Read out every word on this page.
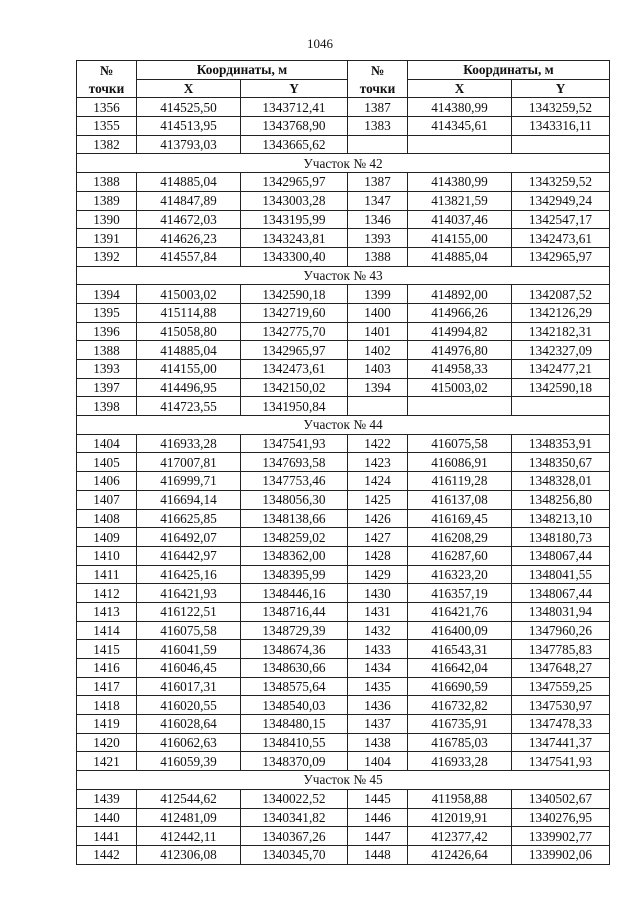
1046
№	Координаты, м		№	Координаты, м	
точки	X	Y	точки	X	Y
1356	414525,50	1343712,41	1387	414380,99	1343259,52
1355	414513,95	1343768,90	1383	414345,61	1343316,11
1382	413793,03	1343665,62			
Участок № 42					
1388	414885,04	1342965,97	1387	414380,99	1343259,52
1389	414847,89	1343003,28	1347	413821,59	1342949,24
1390	414672,03	1343195,99	1346	414037,46	1342547,17
1391	414626,23	1343243,81	1393	414155,00	1342473,61
1392	414557,84	1343300,40	1388	414885,04	1342965,97
Участок № 43					
1394	415003,02	1342590,18	1399	414892,00	1342087,52
1395	415114,88	1342719,60	1400	414966,26	1342126,29
1396	415058,80	1342775,70	1401	414994,82	1342182,31
1388	414885,04	1342965,97	1402	414976,80	1342327,09
1393	414155,00	1342473,61	1403	414958,33	1342477,21
1397	414496,95	1342150,02	1394	415003,02	1342590,18
1398	414723,55	1341950,84			
Участок № 44					
1404	416933,28	1347541,93	1422	416075,58	1348353,91
1405	417007,81	1347693,58	1423	416086,91	1348350,67
1406	416999,71	1347753,46	1424	416119,28	1348328,01
1407	416694,14	1348056,30	1425	416137,08	1348256,80
1408	416625,85	1348138,66	1426	416169,45	1348213,10
1409	416492,07	1348259,02	1427	416208,29	1348180,73
1410	416442,97	1348362,00	1428	416287,60	1348067,44
1411	416425,16	1348395,99	1429	416323,20	1348041,55
1412	416421,93	1348446,16	1430	416357,19	1348067,44
1413	416122,51	1348716,44	1431	416421,76	1348031,94
1414	416075,58	1348729,39	1432	416400,09	1347960,26
1415	416041,59	1348674,36	1433	416543,31	1347785,83
1416	416046,45	1348630,66	1434	416642,04	1347648,27
1417	416017,31	1348575,64	1435	416690,59	1347559,25
1418	416020,55	1348540,03	1436	416732,82	1347530,97
1419	416028,64	1348480,15	1437	416735,91	1347478,33
1420	416062,63	1348410,55	1438	416785,03	1347441,37
1421	416059,39	1348370,09	1404	416933,28	1347541,93
Участок № 45					
1439	412544,62	1340022,52	1445	411958,88	1340502,67
1440	412481,09	1340341,82	1446	412019,91	1340276,95
1441	412442,11	1340367,26	1447	412377,42	1339902,77
1442	412306,08	1340345,70	1448	412426,64	1339902,06
